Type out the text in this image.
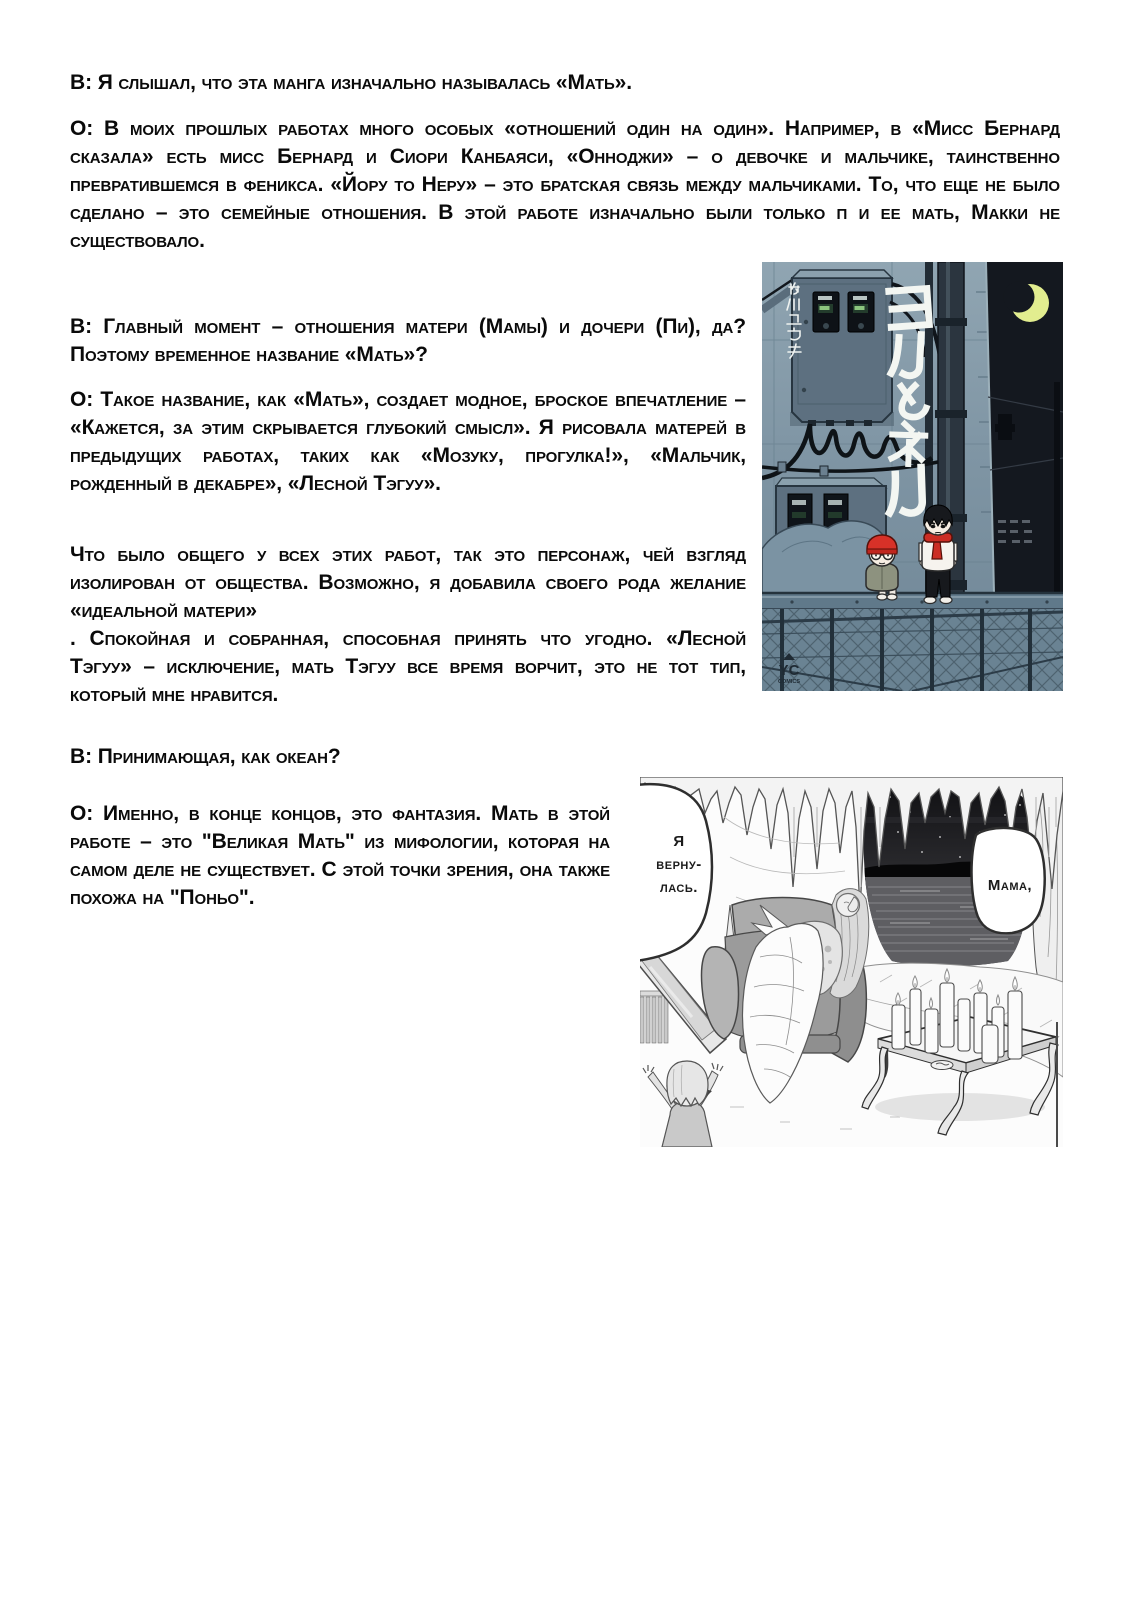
В: Я слышал, что эта манга изначально называлась «Мать».
О: В моих прошлых работах много особых «отношений один на один». Например, в «Мисс Бернард сказала» есть мисс Бернард и Сиори Канбаяси, «Онноджи» – о девочке и мальчике, таинственно превратившемся в феникса. «Йору то Неру» – это братская связь между мальчиками. То, что еще не было сделано – это семейные отношения. В этой работе изначально были только π и ее мать, Макки не существовало.
В: Главный момент – отношения матери (Мамы) и дочери (Пи), да? Поэтому временное название «Мать»?
О: Такое название, как «Мать», создает модное, броское впечатление – «Кажется, за этим скрывается глубокий смысл». Я рисовала матерей в предыдущих работах, таких как «Мозуку, прогулка!», «Мальчик, рожденный в декабре», «Лесной Тэгуу».
Что было общего у всех этих работ, так это персонаж, чей взгляд изолирован от общества. Возможно, я добавила своего рода желание «идеальной матери»
. Спокойная и собранная, способная принять что угодно. «Лесной Тэгуу» – исключение, мать Тэгуу все время ворчит, это не тот тип, который мне нравится.
В: Принимающая, как океан?
О: Именно, в конце концов, это фантазия. Мать в этой работе – это "Великая Мать" из мифологии, которая на самом деле не существует. С этой точки зрения, она также похожа на "Поньо".
YC
COMICS
Я
верну-
лась.	Мама,
